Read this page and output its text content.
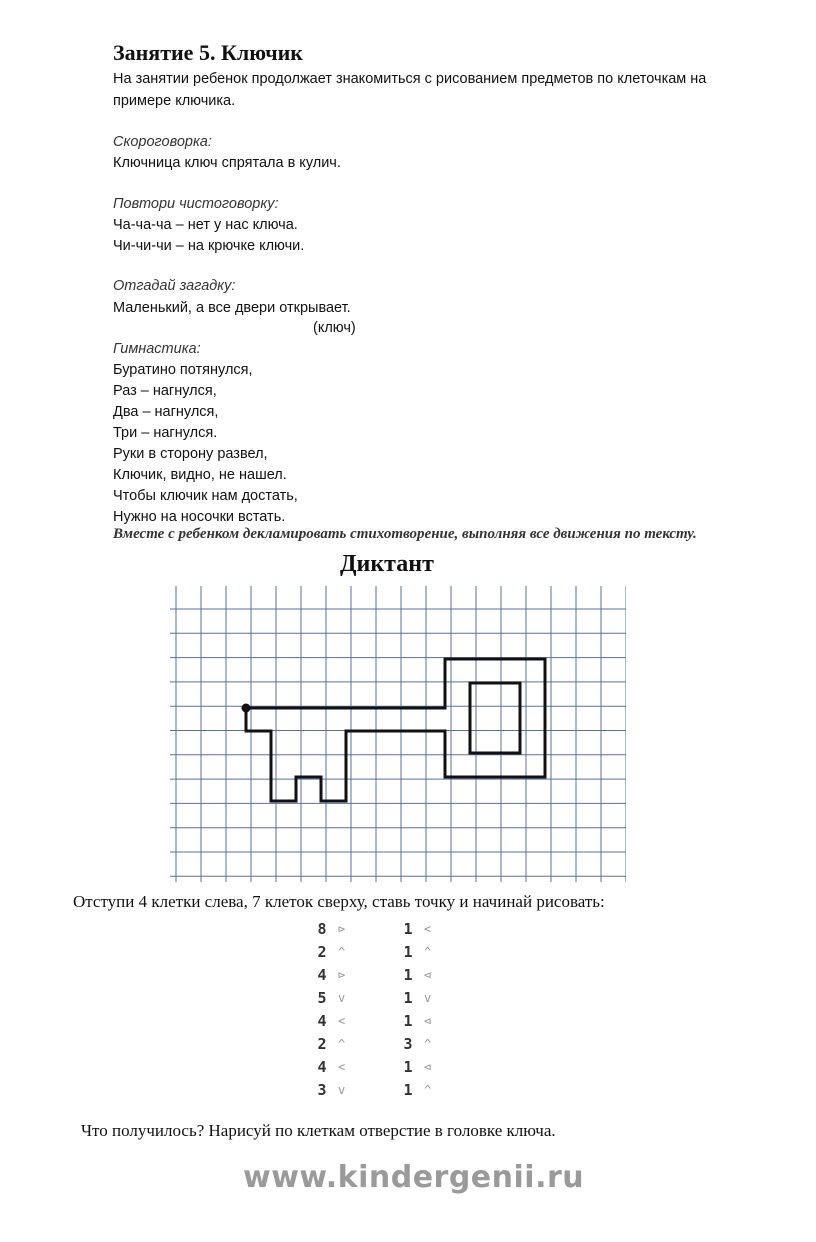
Занятие 5. Ключик
На занятии ребенок продолжает знакомиться с рисованием предметов по клеточкам на
примере ключика.
Скороговорка:
Ключница ключ спрятала в кулич.
Повтори чистоговорку:
Ча-ча-ча – нет у нас ключа.
Чи-чи-чи – на крючке ключи.
Отгадай загадку:
Маленький, а все двери открывает.
(ключ)
Гимнастика:
Буратино потянулся,
Раз – нагнулся,
Два – нагнулся,
Три – нагнулся.
Руки в сторону развел,
Ключик, видно, не нашел.
Чтобы ключик нам достать,
Нужно на носочки встать.
Вместе с ребенком декламировать стихотворение, выполняя все движения по тексту.
Диктант
Отступи 4 клетки слева, 7 клеток сверху, ставь точку и начинай рисовать:
8 ⊳	1 <
2 ^	1 ^
4 ⊳	1 ⊲
5 v	1 v
4 <	1 ⊲
2 ^	3 ^
4 <	1 ⊲
3 v	1 ^
Что получилось? Нарисуй по клеткам отверстие в головке ключа.
www.kindergenii.ru
